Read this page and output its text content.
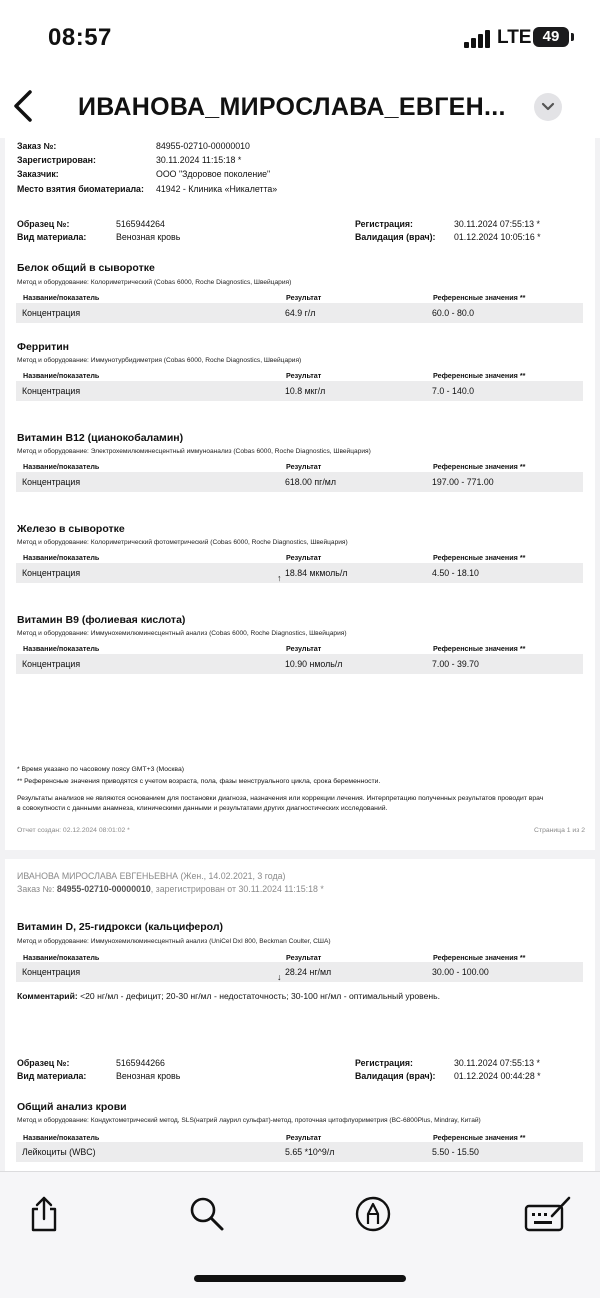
08:57	LTE 49
ИВАНОВА_МИРОСЛАВА_ЕВГЕН...
Заказ №:	84955-02710-00000010
Зарегистрирован:	30.11.2024 11:15:18 *
Заказчик:	ООО "Здоровое поколение"
Место взятия биоматериала: 41942 - Клиника «Никалетта»
Образец №:	5165944264
Вид материала:	Венозная кровь
Регистрация:	30.11.2024 07:55:13 *
Валидация (врач): 01.12.2024 10:05:16 *
Белок общий в сыворотке
Метод и оборудование: Колориметрический (Cobas 6000, Roche Diagnostics, Швейцария)
Название/показатель	Результат	Референсные значения **
Концентрация	64.9 г/л	60.0 - 80.0
Ферритин
Метод и оборудование: Иммунотурбидиметрия (Cobas 6000, Roche Diagnostics, Швейцария)
Название/показатель	Результат	Референсные значения **
Концентрация	10.8 мкг/л	7.0 - 140.0
Витамин B12 (цианокобаламин)
Метод и оборудование: Электрохемилюминесцентный иммуноанализ (Cobas 6000, Roche Diagnostics, Швейцария)
Название/показатель	Результат	Референсные значения **
Концентрация	618.00 пг/мл	197.00 - 771.00
Железо в сыворотке
Метод и оборудование: Колориметрический фотометрический (Cobas 6000, Roche Diagnostics, Швейцария)
Название/показатель	Результат	Референсные значения **
Концентрация	↑ 18.84 мкмоль/л	4.50 - 18.10
Витамин B9 (фолиевая кислота)
Метод и оборудование: Иммунохемилюминесцентный анализ (Cobas 6000, Roche Diagnostics, Швейцария)
Название/показатель	Результат	Референсные значения **
Концентрация	10.90 нмоль/л	7.00 - 39.70
* Время указано по часовому поясу GMT+3 (Москва)
** Референсные значения приводятся с учетом возраста, пола, фазы менструального цикла, срока беременности.
Результаты анализов не являются основанием для постановки диагноза, назначения или коррекции лечения. Интерпретацию полученных результатов проводит врач
в совокупности с данными анамнеза, клиническими данными и результатами других диагностических исследований.
Отчет создан: 02.12.2024 08:01:02 *	Страница 1 из 2
ИВАНОВА МИРОСЛАВА ЕВГЕНЬЕВНА (Жен., 14.02.2021, 3 года)
Заказ №: 84955-02710-00000010, зарегистрирован от 30.11.2024 11:15:18 *
Витамин D, 25-гидрокси (кальциферол)
Метод и оборудование: Иммунохемилюминесцентный анализ (UniCel DxI 800, Beckman Coulter, США)
Название/показатель	Результат	Референсные значения **
Концентрация	↓ 28.24 нг/мл	30.00 - 100.00
Комментарий: <20 нг/мл - дефицит; 20-30 нг/мл - недостаточность; 30-100 нг/мл - оптимальный уровень.
Образец №:	5165944266
Вид материала:	Венозная кровь
Регистрация:	30.11.2024 07:55:13 *
Валидация (врач): 01.12.2024 00:44:28 *
Общий анализ крови
Метод и оборудование: Кондуктометрический метод, SLS(натрий лаурил сульфат)-метод, проточная цитофлуориметрия (BC-6800Plus, Mindray, Китай)
Название/показатель	Результат	Референсные значения **
Лейкоциты (WBC)	5.65 *10^9/л	5.50 - 15.50
